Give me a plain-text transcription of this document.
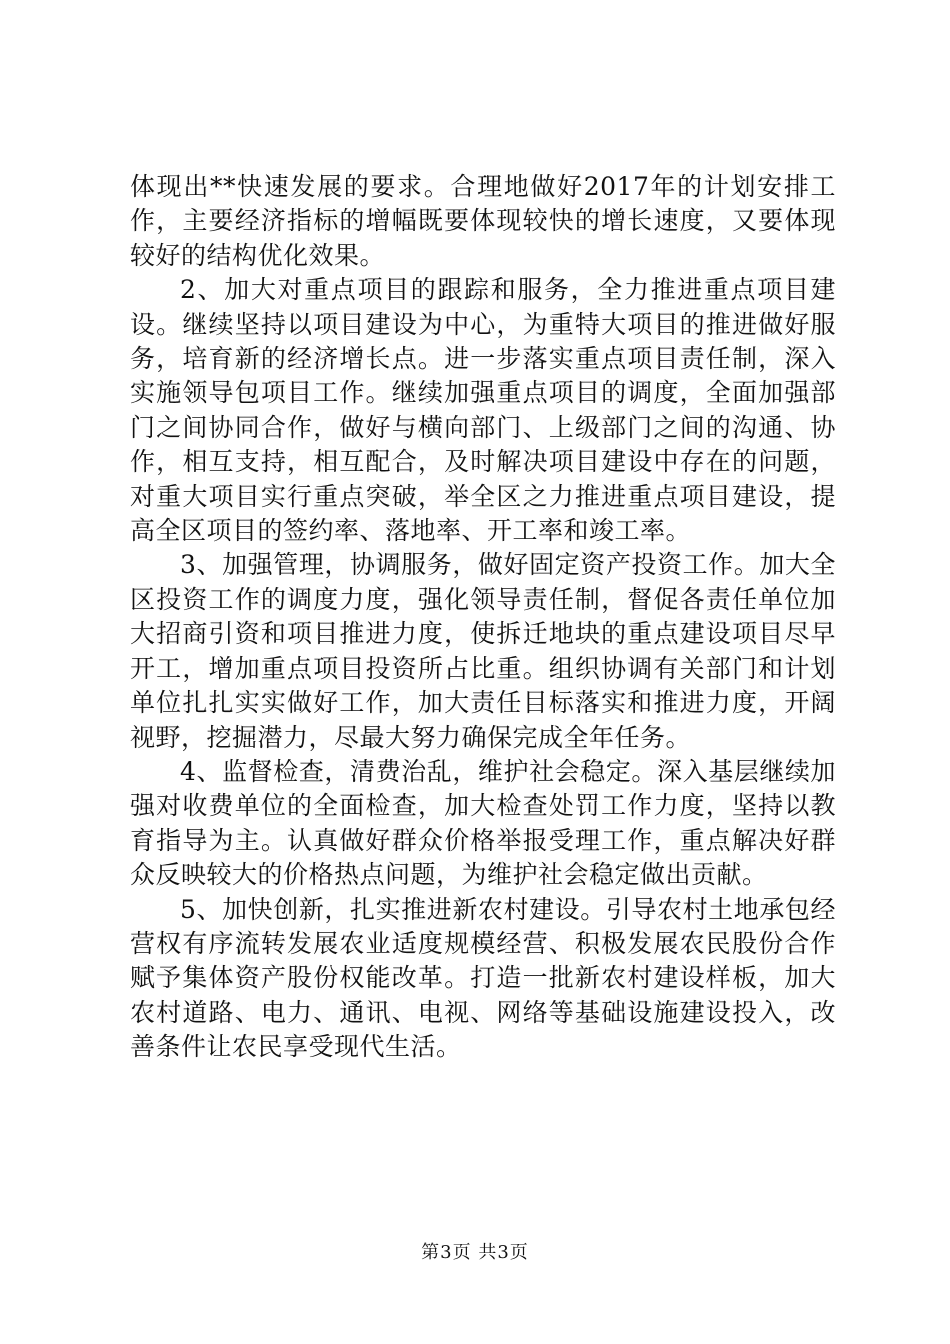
体现出**快速发展的要求。合理地做好2017年的计划安排工作，主要经济指标的增幅既要体现较快的增长速度，又要体现较好的结构优化效果。

2、加大对重点项目的跟踪和服务，全力推进重点项目建设。继续坚持以项目建设为中心，为重特大项目的推进做好服务，培育新的经济增长点。进一步落实重点项目责任制，深入实施领导包项目工作。继续加强重点项目的调度，全面加强部门之间协同合作，做好与横向部门、上级部门之间的沟通、协作，相互支持，相互配合，及时解决项目建设中存在的问题，对重大项目实行重点突破，举全区之力推进重点项目建设，提高全区项目的签约率、落地率、开工率和竣工率。

3、加强管理，协调服务，做好固定资产投资工作。加大全区投资工作的调度力度，强化领导责任制，督促各责任单位加大招商引资和项目推进力度，使拆迁地块的重点建设项目尽早开工，增加重点项目投资所占比重。组织协调有关部门和计划单位扎扎实实做好工作，加大责任目标落实和推进力度，开阔视野，挖掘潜力，尽最大努力确保完成全年任务。

4、监督检查，清费治乱，维护社会稳定。深入基层继续加强对收费单位的全面检查，加大检查处罚工作力度，坚持以教育指导为主。认真做好群众价格举报受理工作，重点解决好群众反映较大的价格热点问题，为维护社会稳定做出贡献。

5、加快创新，扎实推进新农村建设。引导农村土地承包经营权有序流转发展农业适度规模经营、积极发展农民股份合作赋予集体资产股份权能改革。打造一批新农村建设样板，加大农村道路、电力、通讯、电视、网络等基础设施建设投入，改善条件让农民享受现代生活。

第3页 共3页
